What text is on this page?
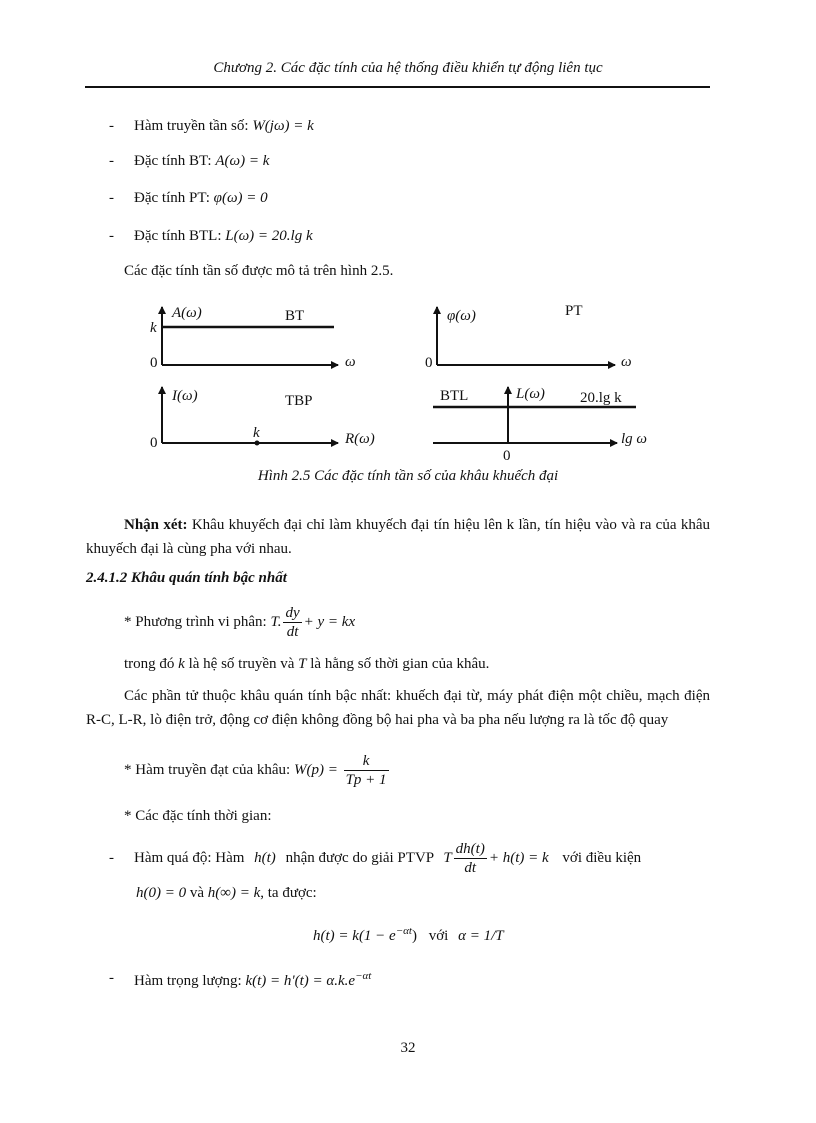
Chương 2. Các đặc tính của hệ thống điều khiển tự động liên tục
- Hàm truyền tần số: W(jω) = k
- Đặc tính BT: A(ω) = k
- Đặc tính PT: φ(ω) = 0
- Đặc tính BTL: L(ω) = 20.lg k
Các đặc tính tần số được mô tả trên hình 2.5.
A(ω)	BT
k
0	ω
φ(ω)	PT
0	ω
I(ω)	TBP
0
k	R(ω)
BTL	L(ω) 20.lg k
0
lg ω
Hình 2.5 Các đặc tính tần số của khâu khuếch đại
Nhận xét: Khâu khuyếch đại chỉ làm khuyếch đại tín hiệu lên k lần, tín hiệu vào và ra của khâu khuyếch đại là cùng pha với nhau.
2.4.1.2 Khâu quán tính bậc nhất
* Phương trình vi phân: T. $\frac{dy}{dt} + y$ = kx
trong đó k là hệ số truyền và T là hằng số thời gian của khâu.
Các phần tử thuộc khâu quán tính bậc nhất: khuếch đại từ, máy phát điện một chiều, mạch điện R-C, L-R, lò điện trở, động cơ điện không đồng bộ hai pha và ba pha nếu lượng ra là tốc độ quay
* Hàm truyền đạt của khâu: $W(p) = \frac{k}{Tp + 1}$
* Các đặc tính thời gian:
- Hàm quá độ: Hàm h(t) nhận được do giải PTVP T $\frac{dh(t)}{dt} + h(t) = k$ với điều kiện
h(0) = 0 và h(∞) = k, ta được:
$h(t) = k(1 - e^{-\alpha t})$ với α = 1/T
- Hàm trọng lượng: $k(t) = h'(t) = \alpha.k.e^{-\alpha t}$
32
